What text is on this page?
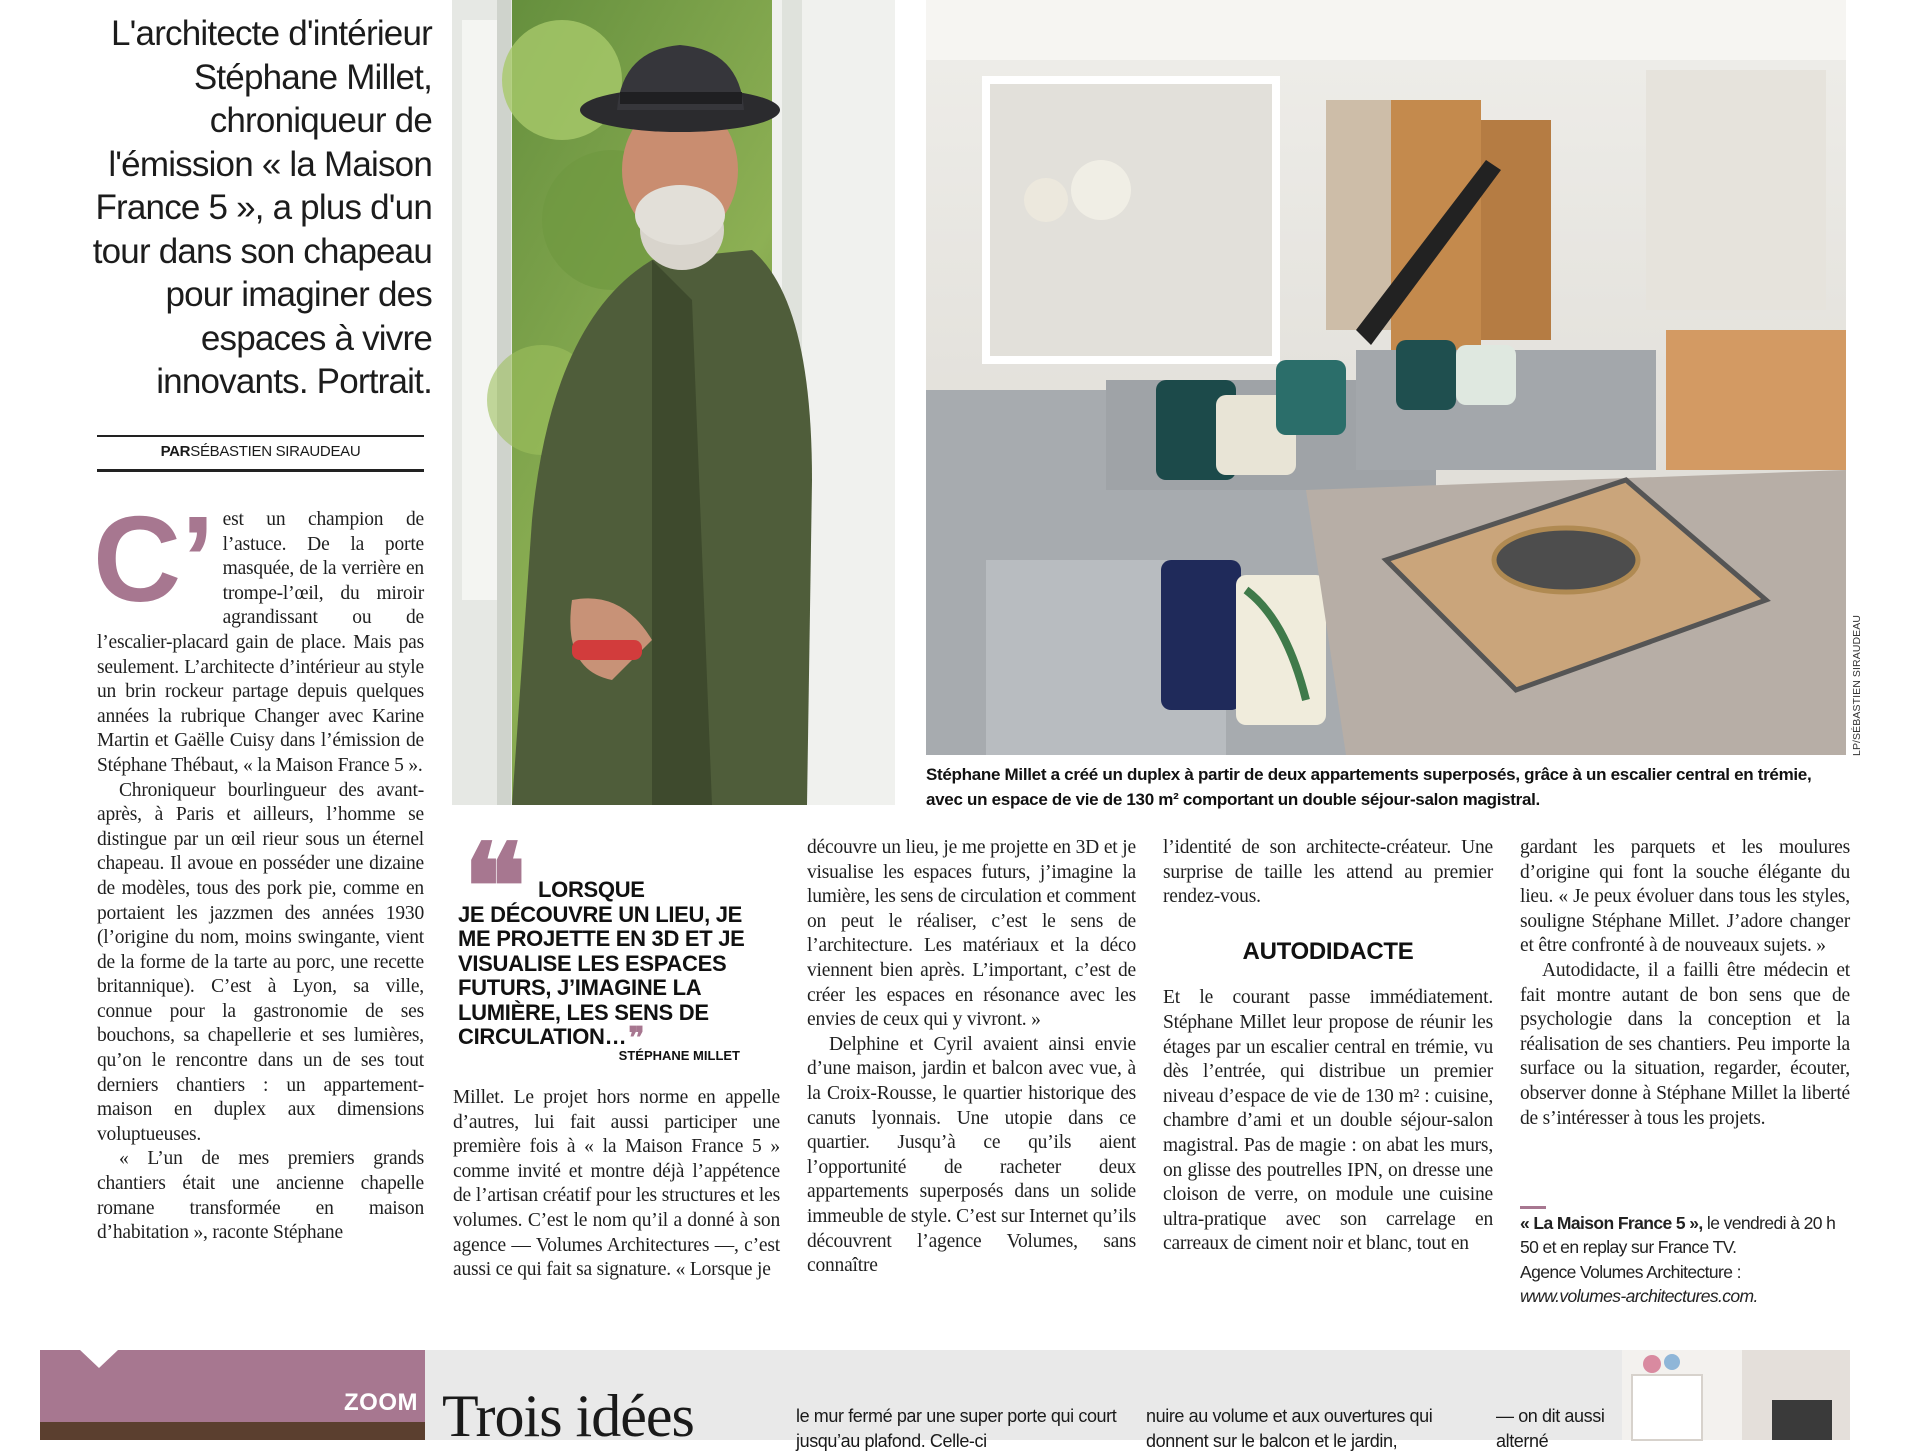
L'architecte d'intérieur Stéphane Millet, chroniqueur de l'émission « la Maison France 5 », a plus d'un tour dans son chapeau pour imaginer des espaces à vivre innovants. Portrait.
PARSÉBASTIEN SIRAUDEAU
C’ est un champion de l’astuce. De la porte masquée, de la verrière en trompe-l’œil, du miroir agrandissant ou de l’escalier-placard gain de place. Mais pas seulement. L’architecte d’intérieur au style un brin rockeur partage depuis quelques années la rubrique Changer avec Karine Martin et Gaëlle Cuisy dans l’émission de Stéphane Thébaut, « la Maison France 5 ».

Chroniqueur bourlingueur des avant-après, à Paris et ailleurs, l’homme se distingue par un œil rieur sous un éternel chapeau. Il avoue en posséder une dizaine de modèles, tous des pork pie, comme en portaient les jazzmen des années 1930 (l’origine du nom, moins swingante, vient de la forme de la tarte au porc, une recette britannique). C’est à Lyon, sa ville, connue pour la gastronomie de ses bouchons, sa chapellerie et ses lumières, qu’on le rencontre dans un de ses tout derniers chantiers : un appartement-maison en duplex aux dimensions voluptueuses.

« L’un de mes premiers grands chantiers était une ancienne chapelle romane transformée en maison d’habitation », raconte Stéphane

LP/SÉBASTIEN SIRAUDEAU
Stéphane Millet a créé un duplex à partir de deux appartements superposés, grâce à un escalier central en trémie, avec un espace de vie de 130 m² comportant un double séjour-salon magistral.
❝ LORSQUE
JE DÉCOUVRE UN LIEU, JE ME PROJETTE EN 3D ET JE VISUALISE LES ESPACES FUTURS, J’IMAGINE LA LUMIÈRE, LES SENS DE CIRCULATION…❞
STÉPHANE MILLET

Millet. Le projet hors norme en appelle d’autres, lui fait aussi participer une première fois à « la Maison France 5 » comme invité et montre déjà l’appétence de l’artisan créatif pour les structures et les volumes. C’est le nom qu’il a donné à son agence — Volumes Architectures —, c’est aussi ce qui fait sa signature. « Lorsque je

découvre un lieu, je me projette en 3D et je visualise les espaces futurs, j’imagine la lumière, les sens de circulation et comment on peut le réaliser, c’est le sens de l’architecture. Les matériaux et la déco viennent bien après. L’important, c’est de créer les espaces en résonance avec les envies de ceux qui y vivront. »

Delphine et Cyril avaient ainsi envie d’une maison, jardin et balcon avec vue, à la Croix-Rousse, le quartier historique des canuts lyonnais. Une utopie dans ce quartier. Jusqu’à ce qu’ils aient l’opportunité de racheter deux appartements superposés dans un solide immeuble de style. C’est sur Internet qu’ils découvrent l’agence Volumes, sans connaître

l’identité de son architecte-créateur. Une surprise de taille les attend au premier rendez-vous.

AUTODIDACTE

Et le courant passe immédiatement. Stéphane Millet leur propose de réunir les étages par un escalier central en trémie, vu dès l’entrée, qui distribue un premier niveau d’espace de vie de 130 m² : cuisine, chambre d’ami et un double séjour-salon magistral. Pas de magie : on abat les murs, on glisse des poutrelles IPN, on dresse une cloison de verre, on module une cuisine ultra-pratique avec son carrelage en carreaux de ciment noir et blanc, tout en

gardant les parquets et les moulures d’origine qui font la souche élégante du lieu. « Je peux évoluer dans tous les styles, souligne Stéphane Millet. J’adore changer et être confronté à de nouveaux sujets. »

Autodidacte, il a failli être médecin et fait montre autant de bon sens que de psychologie dans la conception et la réalisation de ses chantiers. Peu importe la surface ou la situation, regarder, écouter, observer donne à Stéphane Millet la liberté de s’intéresser à tous les projets.

« La Maison France 5 », le vendredi à 20 h 50 et en replay sur France TV.
Agence Volumes Architecture :
www.volumes-architectures.com.
ZOOM Trois idées	le mur fermé par une super porte qui court jusqu’au plafond. Celle-ci
nuire au volume et aux ouvertures qui donnent sur le balcon et le jardin,
— on dit aussi alterné
